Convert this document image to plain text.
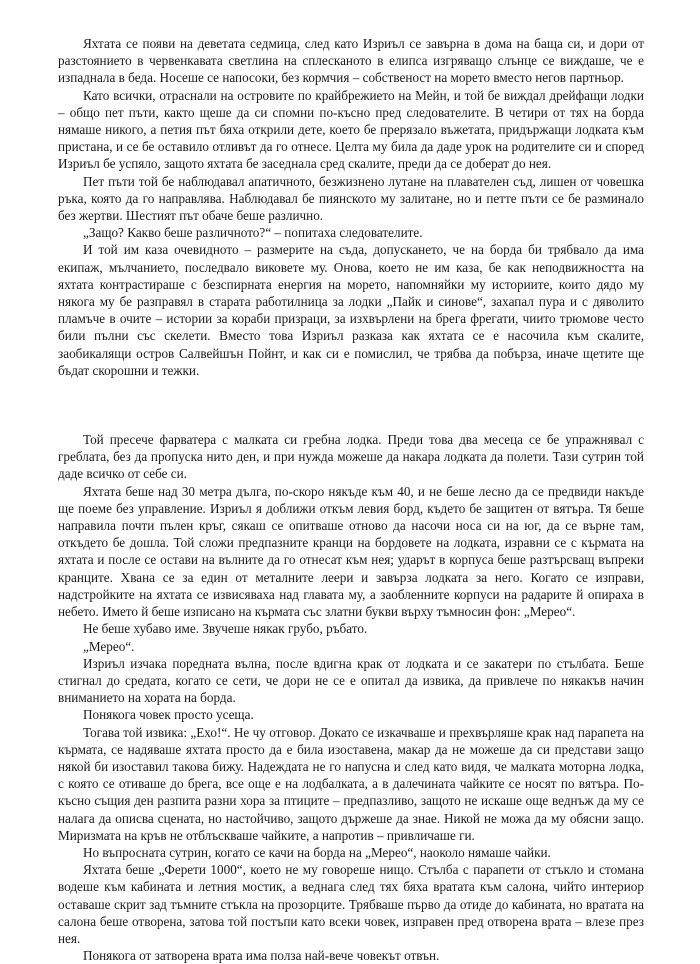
Яхтата се появи на деветата седмица, след като Изриъл се завърна в дома на баща си, и дори от разстоянието в червенкавата светлина на сплесканото в елипса изгряващо слънце се виждаше, че е изпаднала в беда. Носеше се напосоки, без кормчия – собственост на морето вместо негов партньор.

Като всички, отраснали на островите по крайбрежието на Мейн, и той бе виждал дрейфащи лодки – общо пет пъти, както щеше да си спомни по-късно пред следователите. В четири от тях на борда нямаше никого, а петия път бяха открили дете, което бе прерязало въжетата, придържащи лодката към пристана, и се бе оставило отливът да го отнесе. Целта му била да даде урок на родителите си и според Изриъл бе успяло, защото яхтата бе заседнала сред скалите, преди да се доберат до нея.

Пет пъти той бе наблюдавал апатичното, безжизнено лутане на плавателен съд, лишен от човешка ръка, която да го направлява. Наблюдавал бе пиянското му залитане, но и петте пъти се бе разминало без жертви. Шестият път обаче беше различно.

„Защо? Какво беше различното?“ – попитаха следователите.

И той им каза очевидното – размерите на съда, допускането, че на борда би трябвало да има екипаж, мълчанието, последвало виковете му. Онова, което не им каза, бе как неподвижността на яхтата контрастираше с безспирната енергия на морето, напомняйки му историите, които дядо му някога му бе разправял в старата работилница за лодки „Пайк и синове“, захапал пура и с дяволито пламъче в очите – истории за кораби призраци, за изхвърлени на брега фрегати, чиито трюмове често били пълни със скелети. Вместо това Изриъл разказа как яхтата се е насочила към скалите, заобикалящи остров Салвейшън Пойнт, и как си е помислил, че трябва да побърза, иначе щетите ще бъдат скорошни и тежки.

Той пресече фарватера с малката си гребна лодка. Преди това два месеца се бе упражнявал с греблата, без да пропуска нито ден, и при нужда можеше да накара лодката да полети. Тази сутрин той даде всичко от себе си.

Яхтата беше над 30 метра дълга, по-скоро някъде към 40, и не беше лесно да се предвиди накъде ще поеме без управление. Изриъл я доближи откъм левия борд, където бе защитен от вятъра. Тя беше направила почти пълен кръг, сякаш се опитваше отново да насочи носа си на юг, да се върне там, откъдето бе дошла. Той сложи предпазните кранци на бордовете на лодката, изравни се с кърмата на яхтата и после се остави на вълните да го отнесат към нея; ударът в корпуса беше разтърсващ въпреки кранците. Хвана се за един от металните леери и завърза лодката за него. Когато се изправи, надстройките на яхтата се извисяваха над главата му, а заобленните корпуси на радарите й опираха в небето. Името й беше изписано на кърмата със златни букви върху тъмносин фон: „Мерео“.

Не беше хубаво име. Звучеше някак грубо, ръбато.

„Мерео“.

Изриъл изчака поредната вълна, после вдигна крак от лодката и се закатери по стълбата. Беше стигнал до средата, когато се сети, че дори не се е опитал да извика, да привлече по някакъв начин вниманието на хората на борда.

Понякога човек просто усеща.

Тогава той извика: „Ехо!“. Не чу отговор. Докато се изкачваше и прехвърляше крак над парапета на кърмата, се надяваше яхтата просто да е била изоставена, макар да не можеше да си представи защо някой би изоставил такова бижу. Надеждата не го напусна и след като видя, че малката моторна лодка, с която се отиваше до брега, все още е на лодбалката, а в далечината чайките се носят по вятъра. По-късно същия ден разпита разни хора за птиците – предпазливо, защото не искаше още веднъж да му се налага да описва сцената, но настойчиво, защото държеше да знае. Никой не можа да му обясни защо. Миризмата на кръв не отблъскваше чайките, а напротив – привличаше ги.

Но въпросната сутрин, когато се качи на борда на „Мерео“, наоколо нямаше чайки.

Яхтата беше „Ферети 1000“, което не му говореше нищо. Стълба с парапети от стъкло и стомана водеше към кабината и летния мостик, а веднага след тях бяха вратата към салона, чийто интериор оставаше скрит зад тъмните стъкла на прозорците. Трябваше първо да отиде до кабината, но вратата на салона беше отворена, затова той постъпи като всеки човек, изправен пред отворена врата – влезе през нея.

Понякога от затворена врата има полза най-вече човекът отвън.
